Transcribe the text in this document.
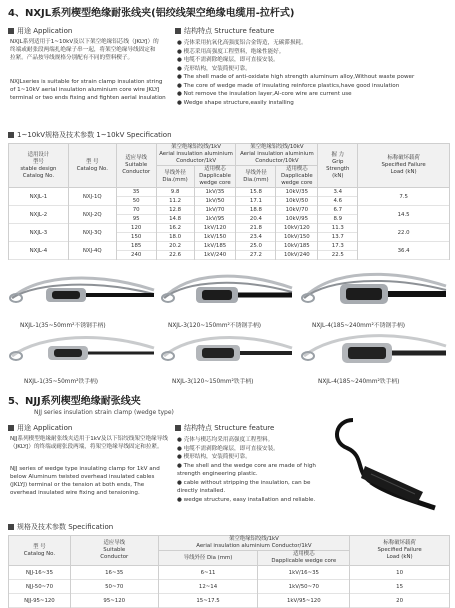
4、NXJL系列楔型绝缘耐张线夹(铝绞线架空绝缘电缆用-拉杆式)
用途 Application
NXJL系列适用于1~10kV及以下架空绝缘铝芯线（JKLYJ）的终端或耐张段两端扎绝缘子串一起，将架空绝缘导线固定和拉紧。产品按导线规格分别配有不同的塑料楔子。
NXJLseries is suitable for strain clamp insulation string of 1~10kV aerial insulation aluminium core wire JKLYJ terminal or two ends fixing and fighten aerial insulation
结构特点 Structure feature
● 壳体采用抗氧化高强度铝合金铸造，无碳滞损耗。
● 楔芯采用高强度工程塑料，绝缘性能好。
● 电缆不需剥除绝缘层，即可直接安装。
● 壳形结构，安装简便可靠。
● The shell made of anti-oxidate high strength aluminum alloy,Without waste power
● The core of wedge made of insulating reinforce plastics,have good insulation
● Not remove the insulation layer,Al-core wire are current use
● Wedge shape structure,easily installing
1~10kV规格及技术参数 1~10kV Specification
适用设计
型号
stable design
Catalog No.	型 号
Catalog No.	适应导线
Suitable
Conductor	架空绝缘铝绞线/1kV
Aerial insulation aluminium
Conductor/1kV		架空绝缘铝绞线/10kV
Aerial insulation aluminium
Conductor/10kV		握 力
Grip
Strength
(kN)	标称破坏载荷
Specified Failure
Load (kN)
			导线外径
Dia.(mm)	适用楔芯
Dapplicable
wedge core	导线外径
Dia.(mm)	适用楔芯
Dapplicable
wedge core		
NXJL-1	NXJ-1Q	35	9.8	1kV/35	15.8	10kV/35	3.4	7.5
		50	11.2	1kV/50	17.1	10kV/50	4.6	
NXJL-2	NXJ-2Q	70	12.8	1kV/70	18.8	10kV/70	6.7	14.5
		95	14.8	1kV/95	20.4	10kV/95	8.9	
NXJL-3	NXJ-3Q	120	16.2	1kV/120	21.8	10kV/120	11.3	22.0
		150	18.0	1kV/150	23.4	10kV/150	13.7	
NXJL-4	NXJ-4Q	185	20.2	1kV/185	25.0	10kV/185	17.3	36.4
		240	22.6	1kV/240	27.2	10kV/240	22.5	
NXJL-1(35~50mm²不锈钢手柄)	NXJL-3(120~150mm²不锈钢手柄)	NXJL-4(185~240mm²不锈钢手柄)
NXJL-1(35~50mm²铁手柄)	NXJL-3(120~150mm²铁手柄)	NXJL-4(185~240mm²铁手柄)
5、NJJ系列楔型绝缘耐张线夹
NJJ series insulation strain clamp (wedge type)
用途 Application
NJJ系列楔型绝缘耐张线夹适用于1kV及以下铝绞线架空绝缘导线（JKLYJ）的终端或耐张段两端，将架空绝缘导线固定和拉紧。
NJJ series of wedge type insulating clamp for 1kV and below Aluminum twisted overhead insulated cables (JKLYJ) terminal or the tension at both ends, The overhead insulated wire fixing and tensioning.
结构特点 Structure feature
● 壳体与楔芯均采用高强度工程塑料。
● 电缆不需剥除绝缘层，即可直接安装。
● 楔形结构，安装简便可靠。
● The shell and the wedge core are made of high strength engineering plastic.
● cable without stripping the insulation, can be directly installed.
● wedge structure, easy installation and reliable.
规格及技术参数 Specification
型 号
Catalog No.	适应导线
Suitable
Conductor	架空绝缘铝绞线/1kV
Aerial insulation aluminium Conductor/1kV		标称破坏载荷
Specified Failure
Load (kN)
		导线外径 Dia (mm)	适用楔芯
Dapplicable wedge core	
NJJ-16~35	16~35	6~11	1kV/16~35	10
NJJ-50~70	50~70	12~14	1kV/50~70	15
NJJ-95~120	95~120	15~17.5	1kV/95~120	20
